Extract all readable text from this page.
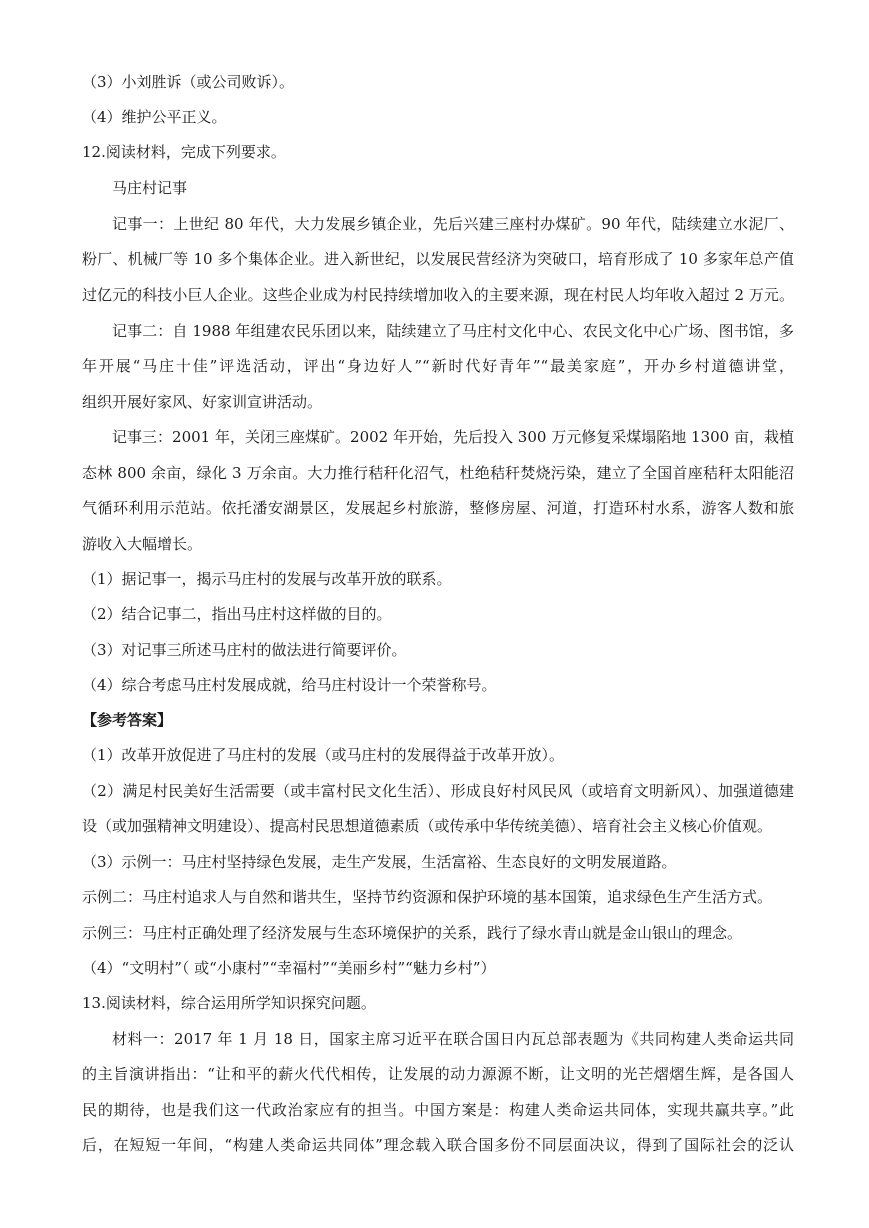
（3）小刘胜诉（或公司败诉）。
（4）维护公平正义。
12.阅读材料，完成下列要求。
马庄村记事
记事一：上世纪 80 年代，大力发展乡镇企业，先后兴建三座村办煤矿。90 年代，陆续建立水泥厂、
粉厂、机械厂等 10 多个集体企业。进入新世纪，以发展民营经济为突破口，培育形成了 10 多家年总产值
过亿元的科技小巨人企业。这些企业成为村民持续增加收入的主要来源，现在村民人均年收入超过 2 万元。
记事二：自 1988 年组建农民乐团以来，陆续建立了马庄村文化中心、农民文化中心广场、图书馆，多
年开展“马庄十佳”评选活动，评出“身边好人”“新时代好青年”“最美家庭”，开办乡村道德讲堂，
组织开展好家风、好家训宣讲活动。
记事三：2001 年，关闭三座煤矿。2002 年开始，先后投入 300 万元修复采煤塌陷地 1300 亩，栽植
态林 800 余亩，绿化 3 万余亩。大力推行秸秆化沼气，杜绝秸秆焚烧污染，建立了全国首座秸秆太阳能沼
气循环利用示范站。依托潘安湖景区，发展起乡村旅游，整修房屋、河道，打造环村水系，游客人数和旅
游收入大幅增长。
（1）据记事一，揭示马庄村的发展与改革开放的联系。
（2）结合记事二，指出马庄村这样做的目的。
（3）对记事三所述马庄村的做法进行简要评价。
（4）综合考虑马庄村发展成就，给马庄村设计一个荣誉称号。
【参考答案】
（1）改革开放促进了马庄村的发展（或马庄村的发展得益于改革开放）。
（2）满足村民美好生活需要（或丰富村民文化生活）、形成良好村风民风（或培育文明新风）、加强道德建
设（或加强精神文明建设）、提高村民思想道德素质（或传承中华传统美德）、培育社会主义核心价值观。
（3）示例一：马庄村坚持绿色发展，走生产发展，生活富裕、生态良好的文明发展道路。
示例二：马庄村追求人与自然和谐共生，坚持节约资源和保护环境的基本国策，追求绿色生产生活方式。
示例三：马庄村正确处理了经济发展与生态环境保护的关系，践行了绿水青山就是金山银山的理念。
（4）“文明村”（ 或“小康村”“幸福村”“美丽乡村”“魅力乡村”）
13.阅读材料，综合运用所学知识探究问题。
材料一：2017 年 1 月 18 日，国家主席习近平在联合国日内瓦总部表题为《共同构建人类命运共同
的主旨演讲指出：“让和平的薪火代代相传，让发展的动力源源不断，让文明的光芒熠熠生辉，是各国人
民的期待，也是我们这一代政治家应有的担当。中国方案是：构建人类命运共同体，实现共赢共享。”此
后，在短短一年间，“构建人类命运共同体”理念载入联合国多份不同层面决议，得到了国际社会的泛认
